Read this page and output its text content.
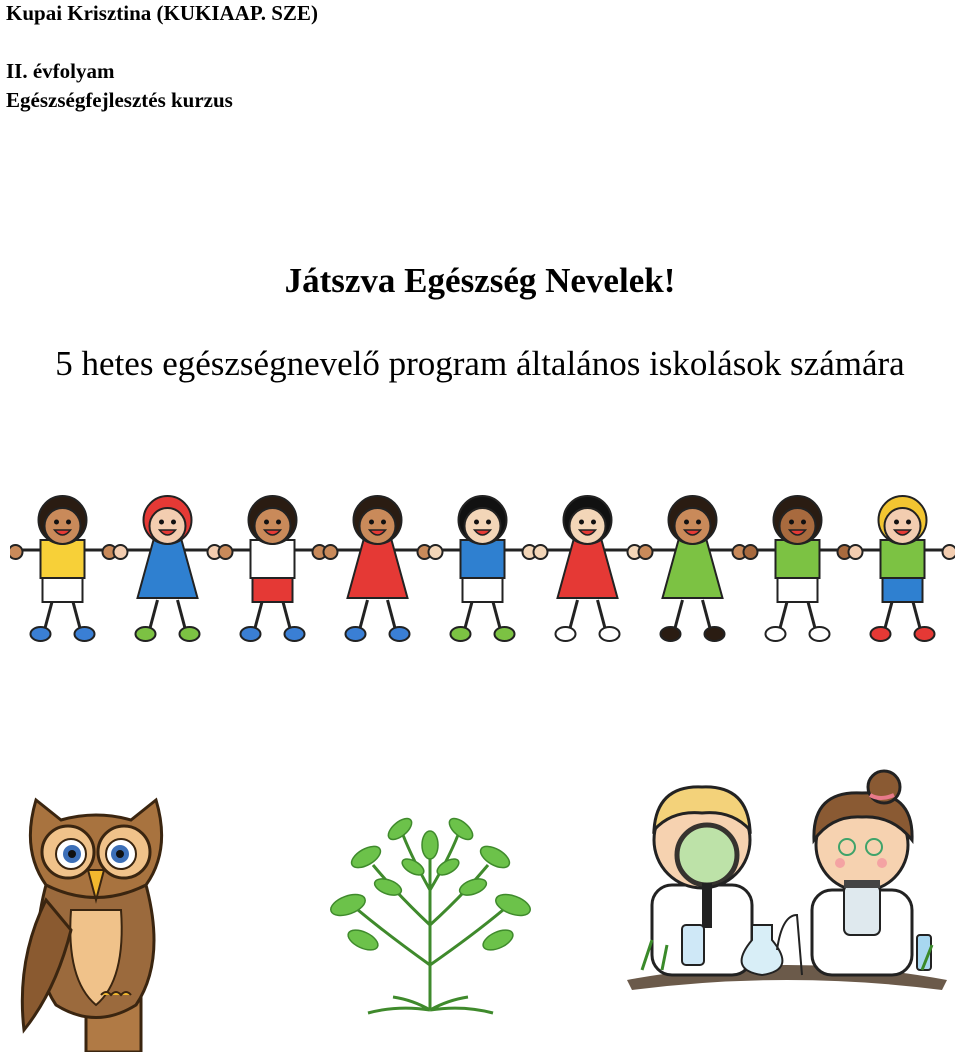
Kupai Krisztina (KUKIAAP. SZE)
II. évfolyam
Egészségfejlesztés kurzus
Játszva Egészség Nevelek!
5 hetes egészségnevelő program általános iskolások számára
